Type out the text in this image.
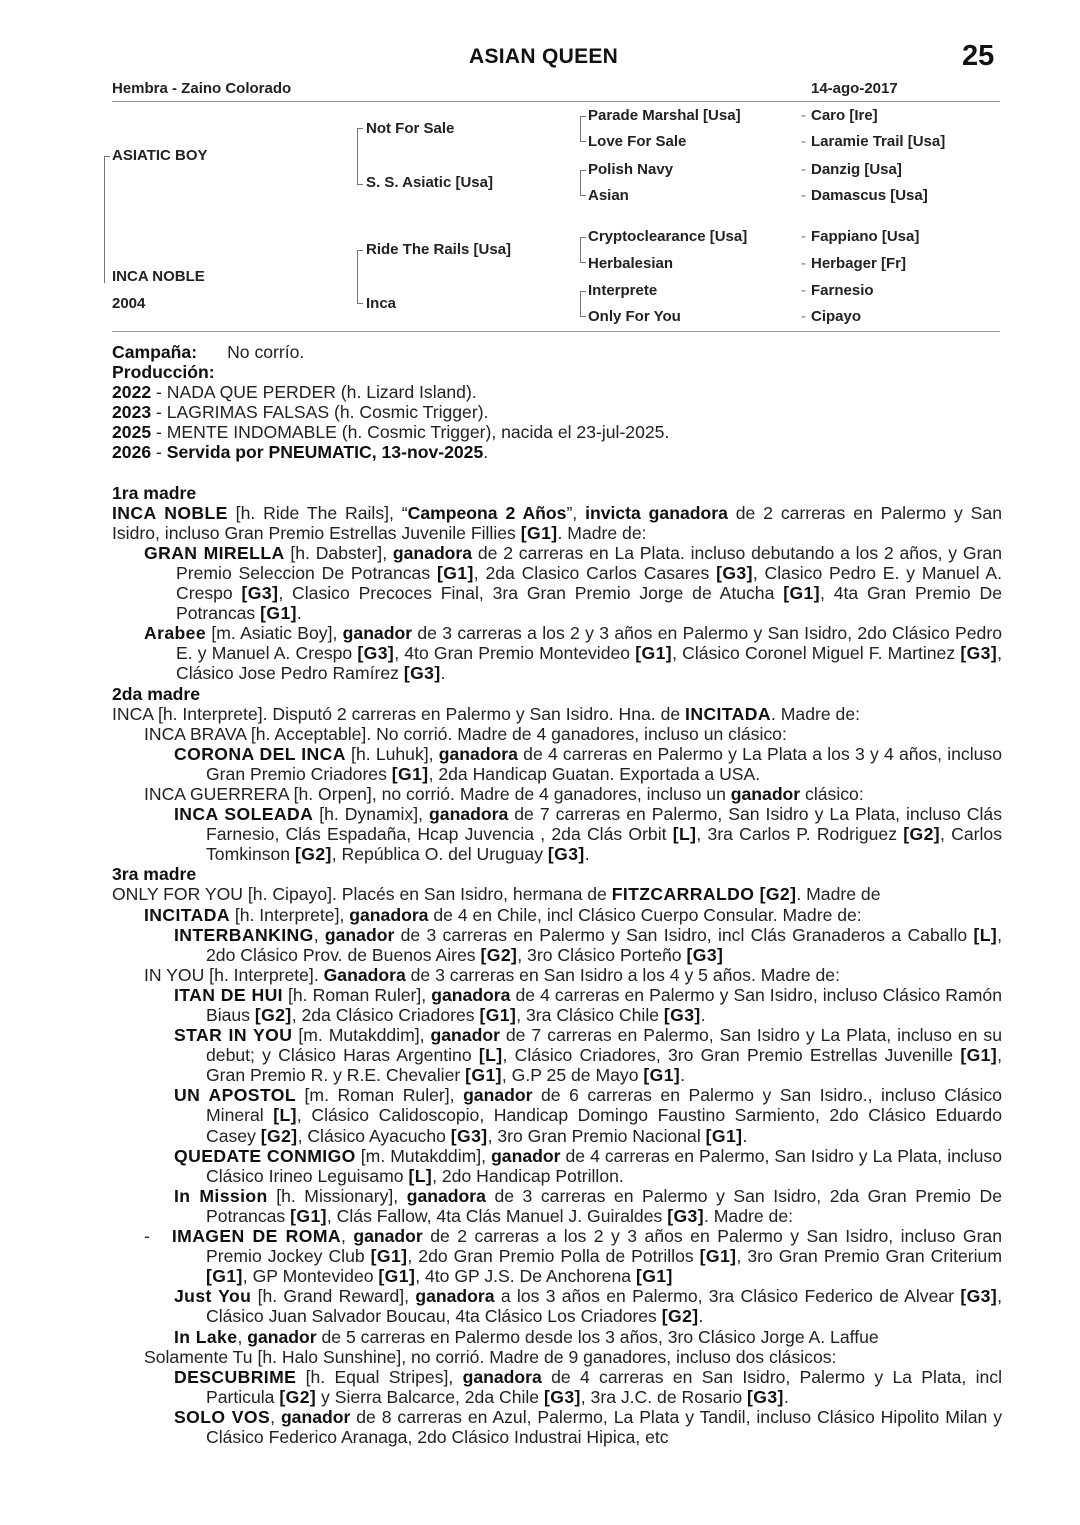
ASIAN QUEEN	25
Hembra - Zaino Colorado	14-ago-2017
ASIATIC BOY
INCA NOBLE
2004
Not For Sale
S. S. Asiatic [Usa]
Ride The Rails [Usa]
Inca
Parade Marshal [Usa]
Love For Sale
Polish Navy
Asian
Cryptoclearance [Usa]
Herbalesian
Interprete
Only For You
- Caro [Ire]
- Laramie Trail [Usa]
- Danzig [Usa]
- Damascus [Usa]
- Fappiano [Usa]
- Herbager [Fr]
- Farnesio
- Cipayo

Campaña: No corrío.

Producción:

2022 - NADA QUE PERDER (h. Lizard Island).

2023 - LAGRIMAS FALSAS (h. Cosmic Trigger).

2025 - MENTE INDOMABLE (h. Cosmic Trigger), nacida el 23-jul-2025.

2026 - Servida por PNEUMATIC, 13-nov-2025.

1ra madre

INCA NOBLE [h. Ride The Rails], “Campeona 2 Años”, invicta ganadora de 2 carreras en Palermo y San Isidro, incluso Gran Premio Estrellas Juvenile Fillies [G1]. Madre de:

GRAN MIRELLA [h. Dabster], ganadora de 2 carreras en La Plata. incluso debutando a los 2 años, y Gran Premio Seleccion De Potrancas [G1], 2da Clasico Carlos Casares [G3], Clasico Pedro E. y Manuel A. Crespo [G3], Clasico Precoces Final, 3ra Gran Premio Jorge de Atucha [G1], 4ta Gran Premio De Potrancas [G1].

Arabee [m. Asiatic Boy], ganador de 3 carreras a los 2 y 3 años en Palermo y San Isidro, 2do Clásico Pedro E. y Manuel A. Crespo [G3], 4to Gran Premio Montevideo [G1], Clásico Coronel Miguel F. Martinez [G3], Clásico Jose Pedro Ramírez [G3].

2da madre

INCA [h. Interprete]. Disputó 2 carreras en Palermo y San Isidro. Hna. de INCITADA. Madre de:

INCA BRAVA [h. Acceptable]. No corrió. Madre de 4 ganadores, incluso un clásico:

CORONA DEL INCA [h. Luhuk], ganadora de 4 carreras en Palermo y La Plata a los 3 y 4 años, incluso Gran Premio Criadores [G1], 2da Handicap Guatan. Exportada a USA.

INCA GUERRERA [h. Orpen], no corrió. Madre de 4 ganadores, incluso un ganador clásico:

INCA SOLEADA [h. Dynamix], ganadora de 7 carreras en Palermo, San Isidro y La Plata, incluso Clás Farnesio, Clás Espadaña, Hcap Juvencia , 2da Clás Orbit [L], 3ra Carlos P. Rodriguez [G2], Carlos Tomkinson [G2], República O. del Uruguay [G3].

3ra madre

ONLY FOR YOU [h. Cipayo]. Placés en San Isidro, hermana de FITZCARRALDO [G2]. Madre de

INCITADA [h. Interprete], ganadora de 4 en Chile, incl Clásico Cuerpo Consular. Madre de:

INTERBANKING, ganador de 3 carreras en Palermo y San Isidro, incl Clás Granaderos a Caballo [L], 2do Clásico Prov. de Buenos Aires [G2], 3ro Clásico Porteño [G3]

IN YOU [h. Interprete]. Ganadora de 3 carreras en San Isidro a los 4 y 5 años. Madre de:

ITAN DE HUI [h. Roman Ruler], ganadora de 4 carreras en Palermo y San Isidro, incluso Clásico Ramón Biaus [G2], 2da Clásico Criadores [G1], 3ra Clásico Chile [G3].

STAR IN YOU [m. Mutakddim], ganador de 7 carreras en Palermo, San Isidro y La Plata, incluso en su debut; y Clásico Haras Argentino [L], Clásico Criadores, 3ro Gran Premio Estrellas Juvenille [G1], Gran Premio R. y R.E. Chevalier [G1], G.P 25 de Mayo [G1].

UN APOSTOL [m. Roman Ruler], ganador de 6 carreras en Palermo y San Isidro., incluso Clásico Mineral [L], Clásico Calidoscopio, Handicap Domingo Faustino Sarmiento, 2do Clásico Eduardo Casey [G2], Clásico Ayacucho [G3], 3ro Gran Premio Nacional [G1].

QUEDATE CONMIGO [m. Mutakddim], ganador de 4 carreras en Palermo, San Isidro y La Plata, incluso Clásico Irineo Leguisamo [L], 2do Handicap Potrillon.

In Mission [h. Missionary], ganadora de 3 carreras en Palermo y San Isidro, 2da Gran Premio De Potrancas [G1], Clás Fallow, 4ta Clás Manuel J. Guiraldes [G3]. Madre de:

- IMAGEN DE ROMA, ganador de 2 carreras a los 2 y 3 años en Palermo y San Isidro, incluso Gran Premio Jockey Club [G1], 2do Gran Premio Polla de Potrillos [G1], 3ro Gran Premio Gran Criterium [G1], GP Montevideo [G1], 4to GP J.S. De Anchorena [G1]

Just You [h. Grand Reward], ganadora a los 3 años en Palermo, 3ra Clásico Federico de Alvear [G3], Clásico Juan Salvador Boucau, 4ta Clásico Los Criadores [G2].

In Lake, ganador de 5 carreras en Palermo desde los 3 años, 3ro Clásico Jorge A. Laffue

Solamente Tu [h. Halo Sunshine], no corrió. Madre de 9 ganadores, incluso dos clásicos:

DESCUBRIME [h. Equal Stripes], ganadora de 4 carreras en San Isidro, Palermo y La Plata, incl Particula [G2] y Sierra Balcarce, 2da Chile [G3], 3ra J.C. de Rosario [G3].

SOLO VOS, ganador de 8 carreras en Azul, Palermo, La Plata y Tandil, incluso Clásico Hipolito Milan y Clásico Federico Aranaga, 2do Clásico Industrai Hipica, etc
